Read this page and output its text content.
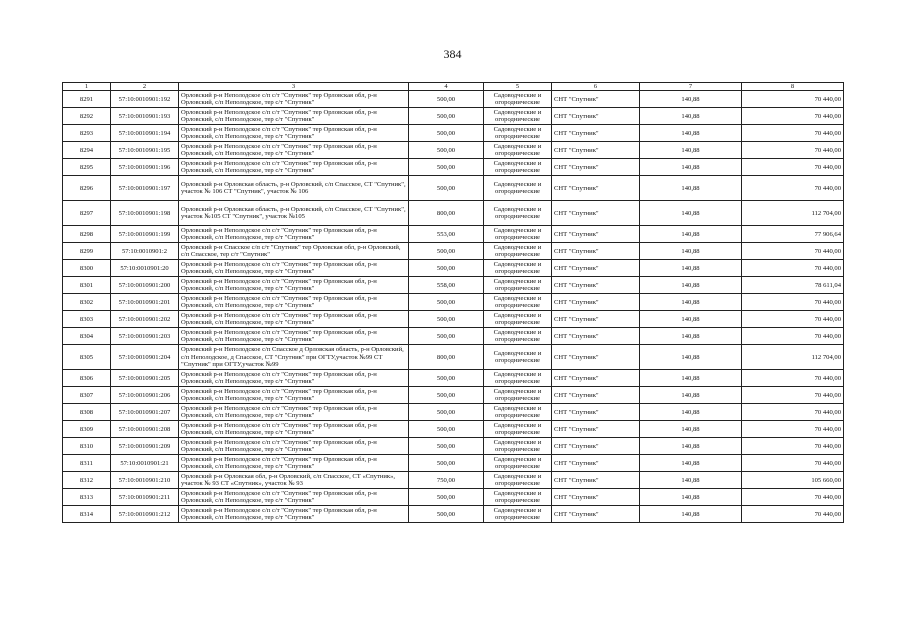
384
1	2	3	4	5	6	7	8
8291	57:10:0010901:192	Орловский р-н Неполодское с/п с/т "Спутник" тер Орловская обл, р-н Орловский, с/п Неполодское, тер с/т "Спутник"	500,00	Садоводческие и огороднические	СНТ "Спутник"	140,88	70 440,00
8292	57:10:0010901:193	Орловский р-н Неполодское с/п с/т "Спутник" тер Орловская обл, р-н Орловский, с/п Неполодское, тер с/т "Спутник"	500,00	Садоводческие и огороднические	СНТ "Спутник"	140,88	70 440,00
8293	57:10:0010901:194	Орловский р-н Неполодское с/п с/т "Спутник" тер Орловская обл, р-н Орловский, с/п Неполодское, тер с/т "Спутник"	500,00	Садоводческие и огороднические	СНТ "Спутник"	140,88	70 440,00
8294	57:10:0010901:195	Орловский р-н Неполодское с/п с/т "Спутник" тер Орловская обл, р-н Орловский, с/п Неполодское, тер с/т "Спутник"	500,00	Садоводческие и огороднические	СНТ "Спутник"	140,88	70 440,00
8295	57:10:0010901:196	Орловский р-н Неполодское с/п с/т "Спутник" тер Орловская обл, р-н Орловский, с/п Неполодское, тер с/т "Спутник"	500,00	Садоводческие и огороднические	СНТ "Спутник"	140,88	70 440,00
8296	57:10:0010901:197	Орловский р-н Орловская область, р-н Орловский, с/п Спасское, СТ "Спутник", участок № 106 СТ "Спутник", участок № 106	500,00	Садоводческие и огороднические	СНТ "Спутник"	140,88	70 440,00
8297	57:10:0010901:198	Орловский р-н Орловская область, р-н Орловский, с/п Спасское, СТ "Спутник", участок №105 СТ "Спутник", участок №105	800,00	Садоводческие и огороднические	СНТ "Спутник"	140,88	112 704,00
8298	57:10:0010901:199	Орловский р-н Неполодское с/п с/т "Спутник" тер Орловская обл, р-н Орловский, с/п Неполодское, тер с/т "Спутник"	553,00	Садоводческие и огороднические	СНТ "Спутник"	140,88	77 906,64
8299	57:10:0010901:2	Орловский р-н Спасское с/п с/т "Спутник" тер Орловская обл, р-н Орловский, с/п Спасское, тер с/т "Спутник"	500,00	Садоводческие и огороднические	СНТ "Спутник"	140,88	70 440,00
8300	57:10:0010901:20	Орловский р-н Неполодское с/п с/т "Спутник" тер Орловская обл, р-н Орловский, с/п Неполодское, тер с/т "Спутник"	500,00	Садоводческие и огороднические	СНТ "Спутник"	140,88	70 440,00
8301	57:10:0010901:200	Орловский р-н Неполодское с/п с/т "Спутник" тер Орловская обл, р-н Орловский, с/п Неполодское, тер с/т "Спутник"	558,00	Садоводческие и огороднические	СНТ "Спутник"	140,88	78 611,04
8302	57:10:0010901:201	Орловский р-н Неполодское с/п с/т "Спутник" тер Орловская обл, р-н Орловский, с/п Неполодское, тер с/т "Спутник"	500,00	Садоводческие и огороднические	СНТ "Спутник"	140,88	70 440,00
8303	57:10:0010901:202	Орловский р-н Неполодское с/п с/т "Спутник" тер Орловская обл, р-н Орловский, с/п Неполодское, тер с/т "Спутник"	500,00	Садоводческие и огороднические	СНТ "Спутник"	140,88	70 440,00
8304	57:10:0010901:203	Орловский р-н Неполодское с/п с/т "Спутник" тер Орловская обл, р-н Орловский, с/п Неполодское, тер с/т "Спутник"	500,00	Садоводческие и огороднические	СНТ "Спутник"	140,88	70 440,00
8305	57:10:0010901:204	Орловский р-н Неполодское с/п Спасское д Орловская область, р-н Орловский, с/п Неполодское, д Спасское, СТ "Спутник" при ОГТУ,участок №99 СТ "Спутник" при ОГТУ,участок №99	800,00	Садоводческие и огороднические	СНТ "Спутник"	140,88	112 704,00
8306	57:10:0010901:205	Орловский р-н Неполодское с/п с/т "Спутник" тер Орловская обл, р-н Орловский, с/п Неполодское, тер с/т "Спутник"	500,00	Садоводческие и огороднические	СНТ "Спутник"	140,88	70 440,00
8307	57:10:0010901:206	Орловский р-н Неполодское с/п с/т "Спутник" тер Орловская обл, р-н Орловский, с/п Неполодское, тер с/т "Спутник"	500,00	Садоводческие и огороднические	СНТ "Спутник"	140,88	70 440,00
8308	57:10:0010901:207	Орловский р-н Неполодское с/п с/т "Спутник" тер Орловская обл, р-н Орловский, с/п Неполодское, тер с/т "Спутник"	500,00	Садоводческие и огороднические	СНТ "Спутник"	140,88	70 440,00
8309	57:10:0010901:208	Орловский р-н Неполодское с/п с/т "Спутник" тер Орловская обл, р-н Орловский, с/п Неполодское, тер с/т "Спутник"	500,00	Садоводческие и огороднические	СНТ "Спутник"	140,88	70 440,00
8310	57:10:0010901:209	Орловский р-н Неполодское с/п с/т "Спутник" тер Орловская обл, р-н Орловский, с/п Неполодское, тер с/т "Спутник"	500,00	Садоводческие и огороднические	СНТ "Спутник"	140,88	70 440,00
8311	57:10:0010901:21	Орловский р-н Неполодское с/п с/т "Спутник" тер Орловская обл, р-н Орловский, с/п Неполодское, тер с/т "Спутник"	500,00	Садоводческие и огороднические	СНТ "Спутник"	140,88	70 440,00
8312	57:10:0010901:210	Орловский р-н Орловская обл, р-н Орловский, с/п Спасское, СТ «Спутник», участок № 93 СТ «Спутник», участок № 93	750,00	Садоводческие и огороднические	СНТ "Спутник"	140,88	105 660,00
8313	57:10:0010901:211	Орловский р-н Неполодское с/п с/т "Спутник" тер Орловская обл, р-н Орловский, с/п Неполодское, тер с/т "Спутник"	500,00	Садоводческие и огороднические	СНТ "Спутник"	140,88	70 440,00
8314	57:10:0010901:212	Орловский р-н Неполодское с/п с/т "Спутник" тер Орловская обл, р-н Орловский, с/п Неполодское, тер с/т "Спутник"	500,00	Садоводческие и огороднические	СНТ "Спутник"	140,88	70 440,00
